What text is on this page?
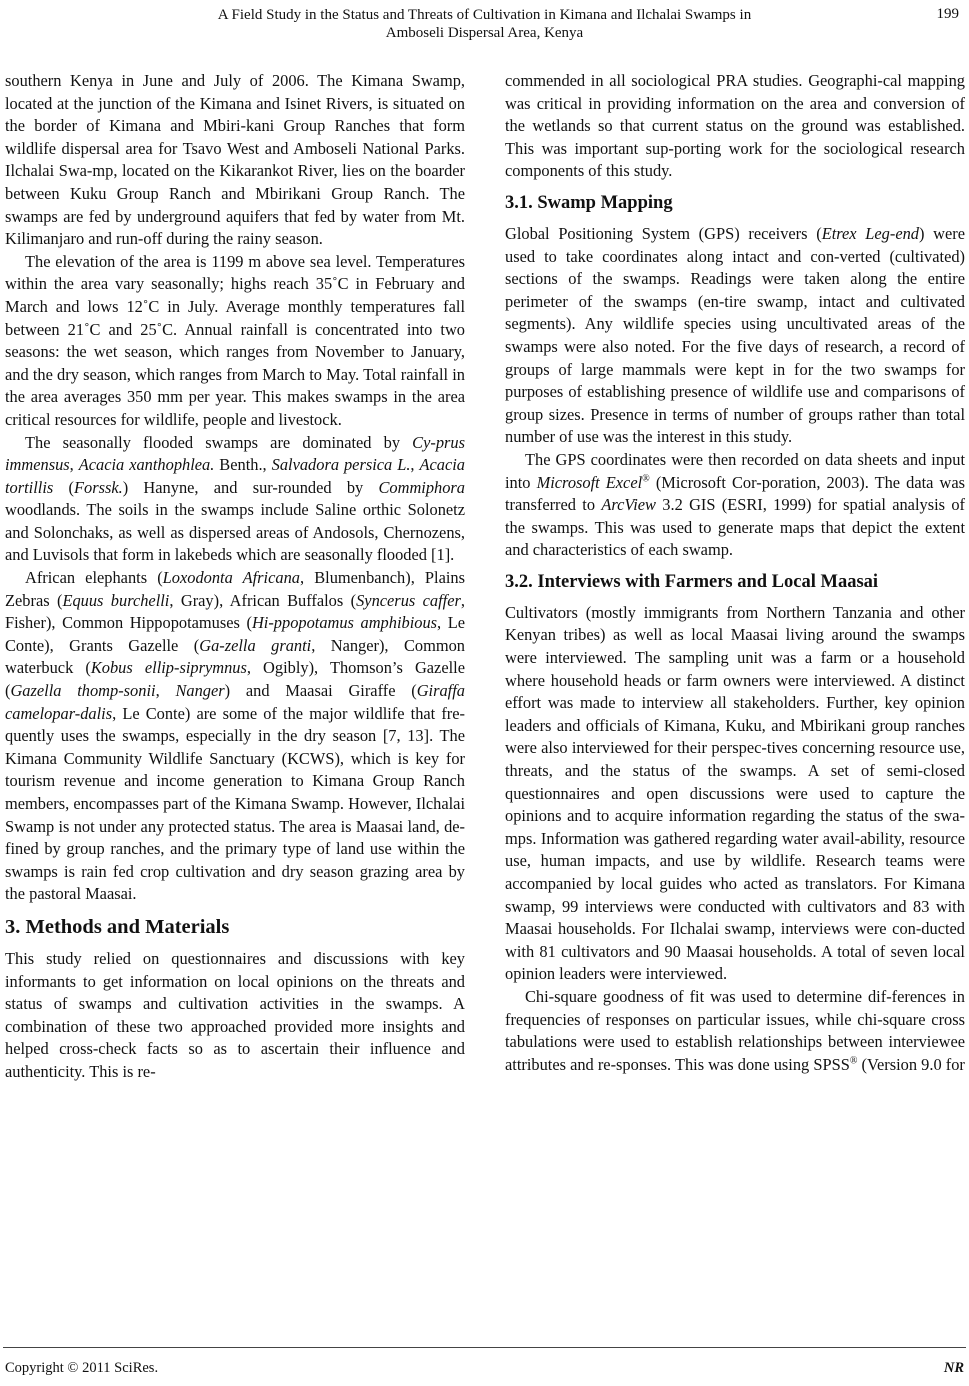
A Field Study in the Status and Threats of Cultivation in Kimana and Ilchalai Swamps in
Amboseli Dispersal Area, Kenya
199

southern Kenya in June and July of 2006. The Kimana Swamp, located at the junction of the Kimana and Isinet Rivers, is situated on the border of Kimana and Mbiri-kani Group Ranches that form wildlife dispersal area for Tsavo West and Amboseli National Parks. Ilchalai Swa-mp, located on the Kikarankot River, lies on the boarder between Kuku Group Ranch and Mbirikani Group Ranch. The swamps are fed by underground aquifers that fed by water from Mt. Kilimanjaro and run-off during the rainy season.

The elevation of the area is 1199 m above sea level. Temperatures within the area vary seasonally; highs reach 35˚C in February and March and lows 12˚C in July. Average monthly temperatures fall between 21˚C and 25˚C. Annual rainfall is concentrated into two seasons: the wet season, which ranges from November to January, and the dry season, which ranges from March to May. Total rainfall in the area averages 350 mm per year. This makes swamps in the area critical resources for wildlife, people and livestock.

The seasonally flooded swamps are dominated by Cy-prus immensus, Acacia xanthophlea. Benth., Salvadora persica L., Acacia tortillis (Forssk.) Hanyne, and sur-rounded by Commiphora woodlands. The soils in the swamps include Saline orthic Solonetz and Solonchaks, as well as dispersed areas of Andosols, Chernozens, and Luvisols that form in lakebeds which are seasonally flooded [1].

African elephants (Loxodonta Africana, Blumenbanch), Plains Zebras (Equus burchelli, Gray), African Buffalos (Syncerus caffer, Fisher), Common Hippopotamuses (Hi-ppopotamus amphibious, Le Conte), Grants Gazelle (Ga-zella granti, Nanger), Common waterbuck (Kobus ellip-siprymnus, Ogibly), Thomson’s Gazelle (Gazella thomp-sonii, Nanger) and Maasai Giraffe (Giraffa camelopar-dalis, Le Conte) are some of the major wildlife that fre-quently uses the swamps, especially in the dry season [7, 13]. The Kimana Community Wildlife Sanctuary (KCWS), which is key for tourism revenue and income generation to Kimana Group Ranch members, encompasses part of the Kimana Swamp. However, Ilchalai Swamp is not under any protected status. The area is Maasai land, de-fined by group ranches, and the primary type of land use within the swamps is rain fed crop cultivation and dry season grazing area by the pastoral Maasai.

3. Methods and Materials

This study relied on questionnaires and discussions with key informants to get information on local opinions on the threats and status of swamps and cultivation activities in the swamps. A combination of these two approached provided more insights and helped cross-check facts so as to ascertain their influence and authenticity. This is re-

commended in all sociological PRA studies. Geographi-cal mapping was critical in providing information on the area and conversion of the wetlands so that current status on the ground was established. This was important sup-porting work for the sociological research components of this study.

3.1. Swamp Mapping

Global Positioning System (GPS) receivers (Etrex Leg-end) were used to take coordinates along intact and con-verted (cultivated) sections of the swamps. Readings were taken along the entire perimeter of the swamps (en-tire swamp, intact and cultivated segments). Any wildlife species using uncultivated areas of the swamps were also noted. For the five days of research, a record of groups of large mammals were kept in for the two swamps for purposes of establishing presence of wildlife use and comparisons of group sizes. Presence in terms of number of groups rather than total number of use was the interest in this study.

The GPS coordinates were then recorded on data sheets and input into Microsoft Excel® (Microsoft Cor-poration, 2003). The data was transferred to ArcView 3.2 GIS (ESRI, 1999) for spatial analysis of the swamps. This was used to generate maps that depict the extent and characteristics of each swamp.

3.2. Interviews with Farmers and Local Maasai

Cultivators (mostly immigrants from Northern Tanzania and other Kenyan tribes) as well as local Maasai living around the swamps were interviewed. The sampling unit was a farm or a household where household heads or farm owners were interviewed. A distinct effort was made to interview all stakeholders. Further, key opinion leaders and officials of Kimana, Kuku, and Mbirikani group ranches were also interviewed for their perspec-tives concerning resource use, threats, and the status of the swamps. A set of semi-closed questionnaires and open discussions were used to capture the opinions and to acquire information regarding the status of the swa-mps. Information was gathered regarding water avail-ability, resource use, human impacts, and use by wildlife. Research teams were accompanied by local guides who acted as translators. For Kimana swamp, 99 interviews were conducted with cultivators and 83 with Maasai households. For Ilchalai swamp, interviews were con-ducted with 81 cultivators and 90 Maasai households. A total of seven local opinion leaders were interviewed.

Chi-square goodness of fit was used to determine dif-ferences in frequencies of responses on particular issues, while chi-square cross tabulations were used to establish relationships between interviewee attributes and re-sponses. This was done using SPSS® (Version 9.0 for

Copyright © 2011 SciRes.	NR
